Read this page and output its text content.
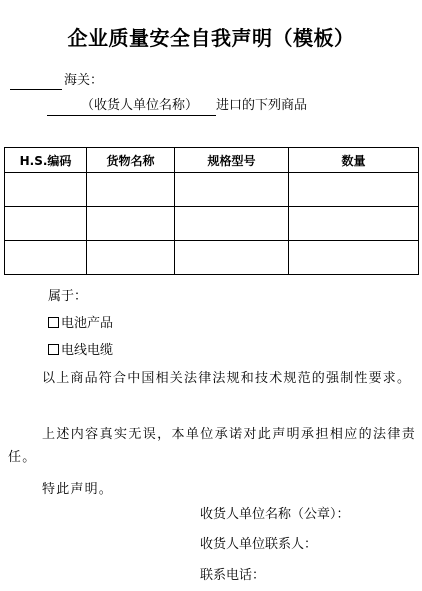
企业质量安全自我声明（模板）
海关：
（收货人单位名称） 进口的下列商品
H.S.编码	货物名称	规格型号	数量

属于：
电池产品
电线电缆
以上商品符合中国相关法律法规和技术规范的强制性要求。
上述内容真实无误，本单位承诺对此声明承担相应的法律责任。
特此声明。
收货人单位名称（公章）：
收货人单位联系人：
联系电话：
